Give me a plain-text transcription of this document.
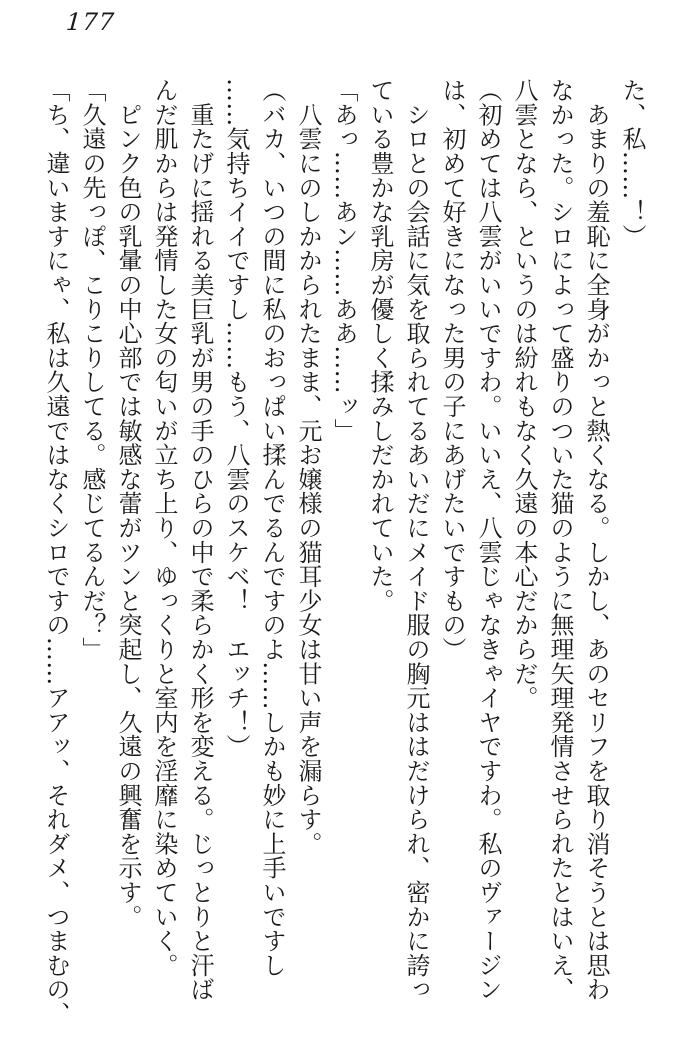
177
た、私……！）
　あまりの羞恥に全身がかっと熱くなる。しかし、あのセリフを取り消そうとは思わ
なかった。シロによって盛りのついた猫のように無理矢理発情させられたとはいえ、
八雲となら、というのは紛れもなく久遠の本心だからだ。
（初めては八雲がいいですわ。いいえ、八雲じゃなきゃイヤですわ。私のヴァージン
は、初めて好きになった男の子にあげたいですもの）
　シロとの会話に気を取られてるあいだにメイド服の胸元ははだけられ、密かに誇っ
ている豊かな乳房が優しく揉みしだかれていた。
「あっ……あン……ああ……ッ」
　八雲にのしかかられたまま、元お嬢様の猫耳少女は甘い声を漏らす。
（バカ、いつの間に私のおっぱい揉んでるんですのよ……しかも妙に上手いですし
……気持ちイイですし……もう、八雲のスケベ！　エッチ！）
　重たげに揺れる美巨乳が男の手のひらの中で柔らかく形を変える。じっとりと汗ば
んだ肌からは発情した女の匂いが立ち上り、ゆっくりと室内を淫靡に染めていく。
　ピンク色の乳暈の中心部では敏感な蕾がツンと突起し、久遠の興奮を示す。
「久遠の先っぽ、こりこりしてる。感じてるんだ？」
「ち、違いますにゃ、私は久遠ではなくシロですの……アアッ、それダメ、つまむの、
